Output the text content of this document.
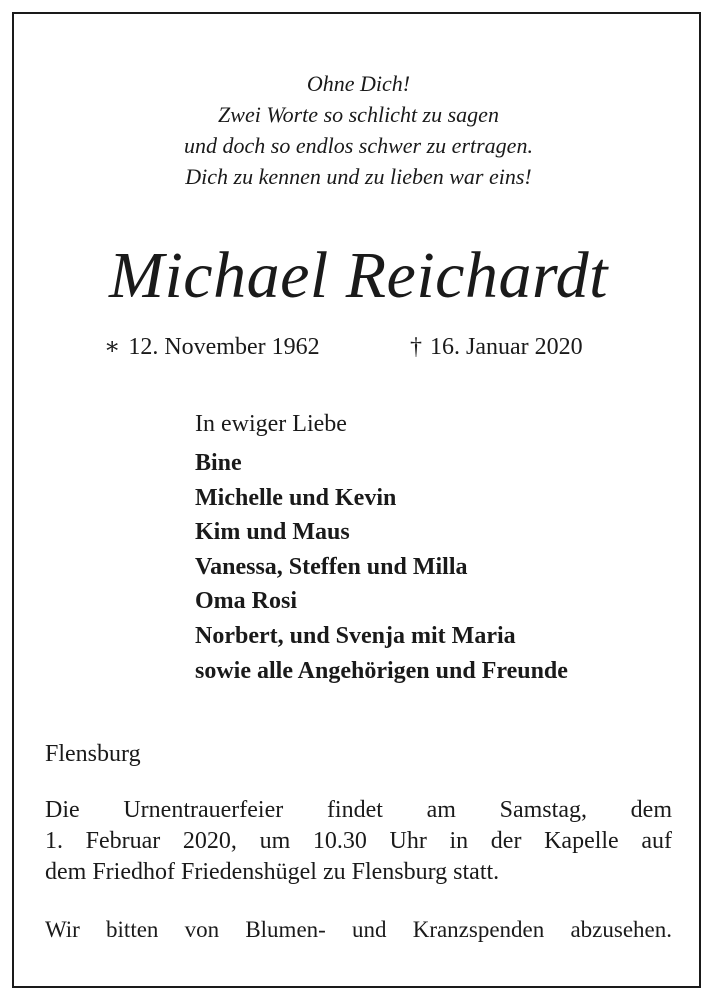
Ohne Dich!
Zwei Worte so schlicht zu sagen
und doch so endlos schwer zu ertragen.
Dich zu kennen und zu lieben war eins!
Michael Reichardt
∗ 12. November 1962	† 16. Januar 2020
In ewiger Liebe
Bine
Michelle und Kevin
Kim und Maus
Vanessa, Steffen und Milla
Oma Rosi
Norbert, und Svenja mit Maria
sowie alle Angehörigen und Freunde
Flensburg
Die Urnentrauerfeier findet am Samstag, dem
1. Februar 2020, um 10.30 Uhr in der Kapelle auf
dem Friedhof Friedenshügel zu Flensburg statt.
Wir bitten von Blumen- und Kranzspenden abzusehen.
